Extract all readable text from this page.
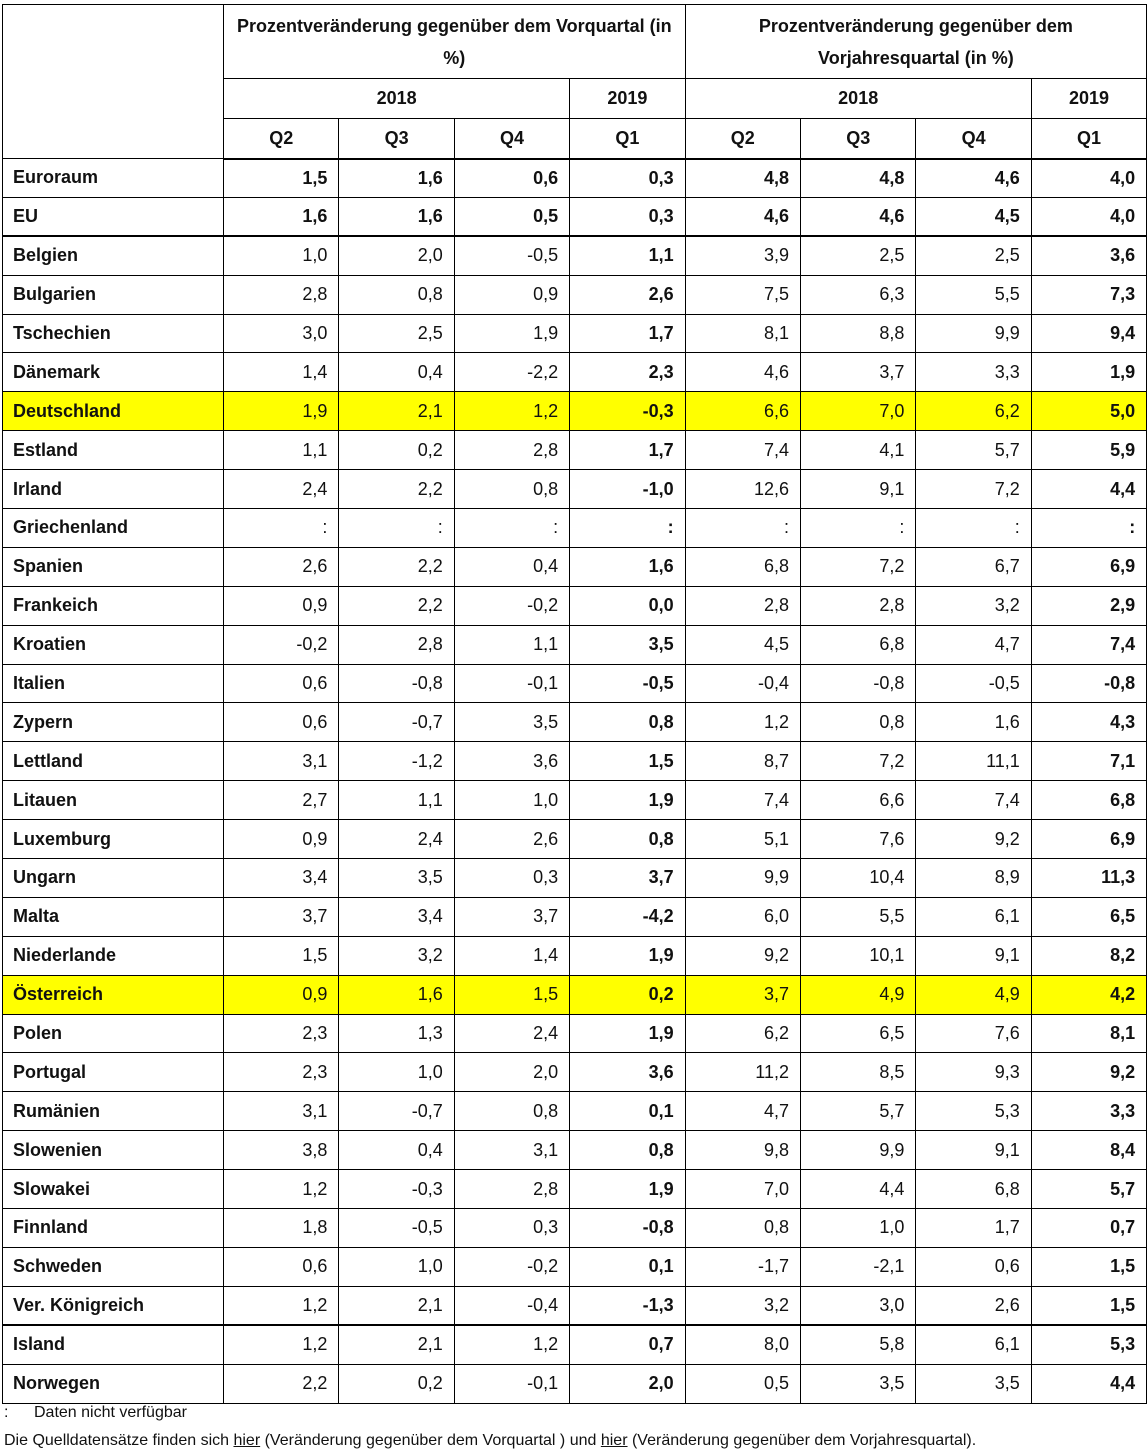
	Prozentveränderung gegenüber dem Vorquartal (in %)				Prozentveränderung gegenüber dem Vorjahresquartal (in %)			
	2018			2019	2018			2019
	Q2	Q3	Q4	Q1	Q2	Q3	Q4	Q1
Euroraum	1,5	1,6	0,6	0,3	4,8	4,8	4,6	4,0
EU	1,6	1,6	0,5	0,3	4,6	4,6	4,5	4,0
Belgien	1,0	2,0	-0,5	1,1	3,9	2,5	2,5	3,6
Bulgarien	2,8	0,8	0,9	2,6	7,5	6,3	5,5	7,3
Tschechien	3,0	2,5	1,9	1,7	8,1	8,8	9,9	9,4
Dänemark	1,4	0,4	-2,2	2,3	4,6	3,7	3,3	1,9
Deutschland	1,9	2,1	1,2	-0,3	6,6	7,0	6,2	5,0
Estland	1,1	0,2	2,8	1,7	7,4	4,1	5,7	5,9
Irland	2,4	2,2	0,8	-1,0	12,6	9,1	7,2	4,4
Griechenland	:	:	:	:	:	:	:	:
Spanien	2,6	2,2	0,4	1,6	6,8	7,2	6,7	6,9
Frankeich	0,9	2,2	-0,2	0,0	2,8	2,8	3,2	2,9
Kroatien	-0,2	2,8	1,1	3,5	4,5	6,8	4,7	7,4
Italien	0,6	-0,8	-0,1	-0,5	-0,4	-0,8	-0,5	-0,8
Zypern	0,6	-0,7	3,5	0,8	1,2	0,8	1,6	4,3
Lettland	3,1	-1,2	3,6	1,5	8,7	7,2	11,1	7,1
Litauen	2,7	1,1	1,0	1,9	7,4	6,6	7,4	6,8
Luxemburg	0,9	2,4	2,6	0,8	5,1	7,6	9,2	6,9
Ungarn	3,4	3,5	0,3	3,7	9,9	10,4	8,9	11,3
Malta	3,7	3,4	3,7	-4,2	6,0	5,5	6,1	6,5
Niederlande	1,5	3,2	1,4	1,9	9,2	10,1	9,1	8,2
Österreich	0,9	1,6	1,5	0,2	3,7	4,9	4,9	4,2
Polen	2,3	1,3	2,4	1,9	6,2	6,5	7,6	8,1
Portugal	2,3	1,0	2,0	3,6	11,2	8,5	9,3	9,2
Rumänien	3,1	-0,7	0,8	0,1	4,7	5,7	5,3	3,3
Slowenien	3,8	0,4	3,1	0,8	9,8	9,9	9,1	8,4
Slowakei	1,2	-0,3	2,8	1,9	7,0	4,4	6,8	5,7
Finnland	1,8	-0,5	0,3	-0,8	0,8	1,0	1,7	0,7
Schweden	0,6	1,0	-0,2	0,1	-1,7	-2,1	0,6	1,5
Ver. Königreich	1,2	2,1	-0,4	-1,3	3,2	3,0	2,6	1,5
Island	1,2	2,1	1,2	0,7	8,0	5,8	6,1	5,3
Norwegen	2,2	0,2	-0,1	2,0	0,5	3,5	3,5	4,4
: Daten nicht verfügbar
Die Quelldatensätze finden sich hier (Veränderung gegenüber dem Vorquartal ) und hier (Veränderung gegenüber dem Vorjahresquartal).
